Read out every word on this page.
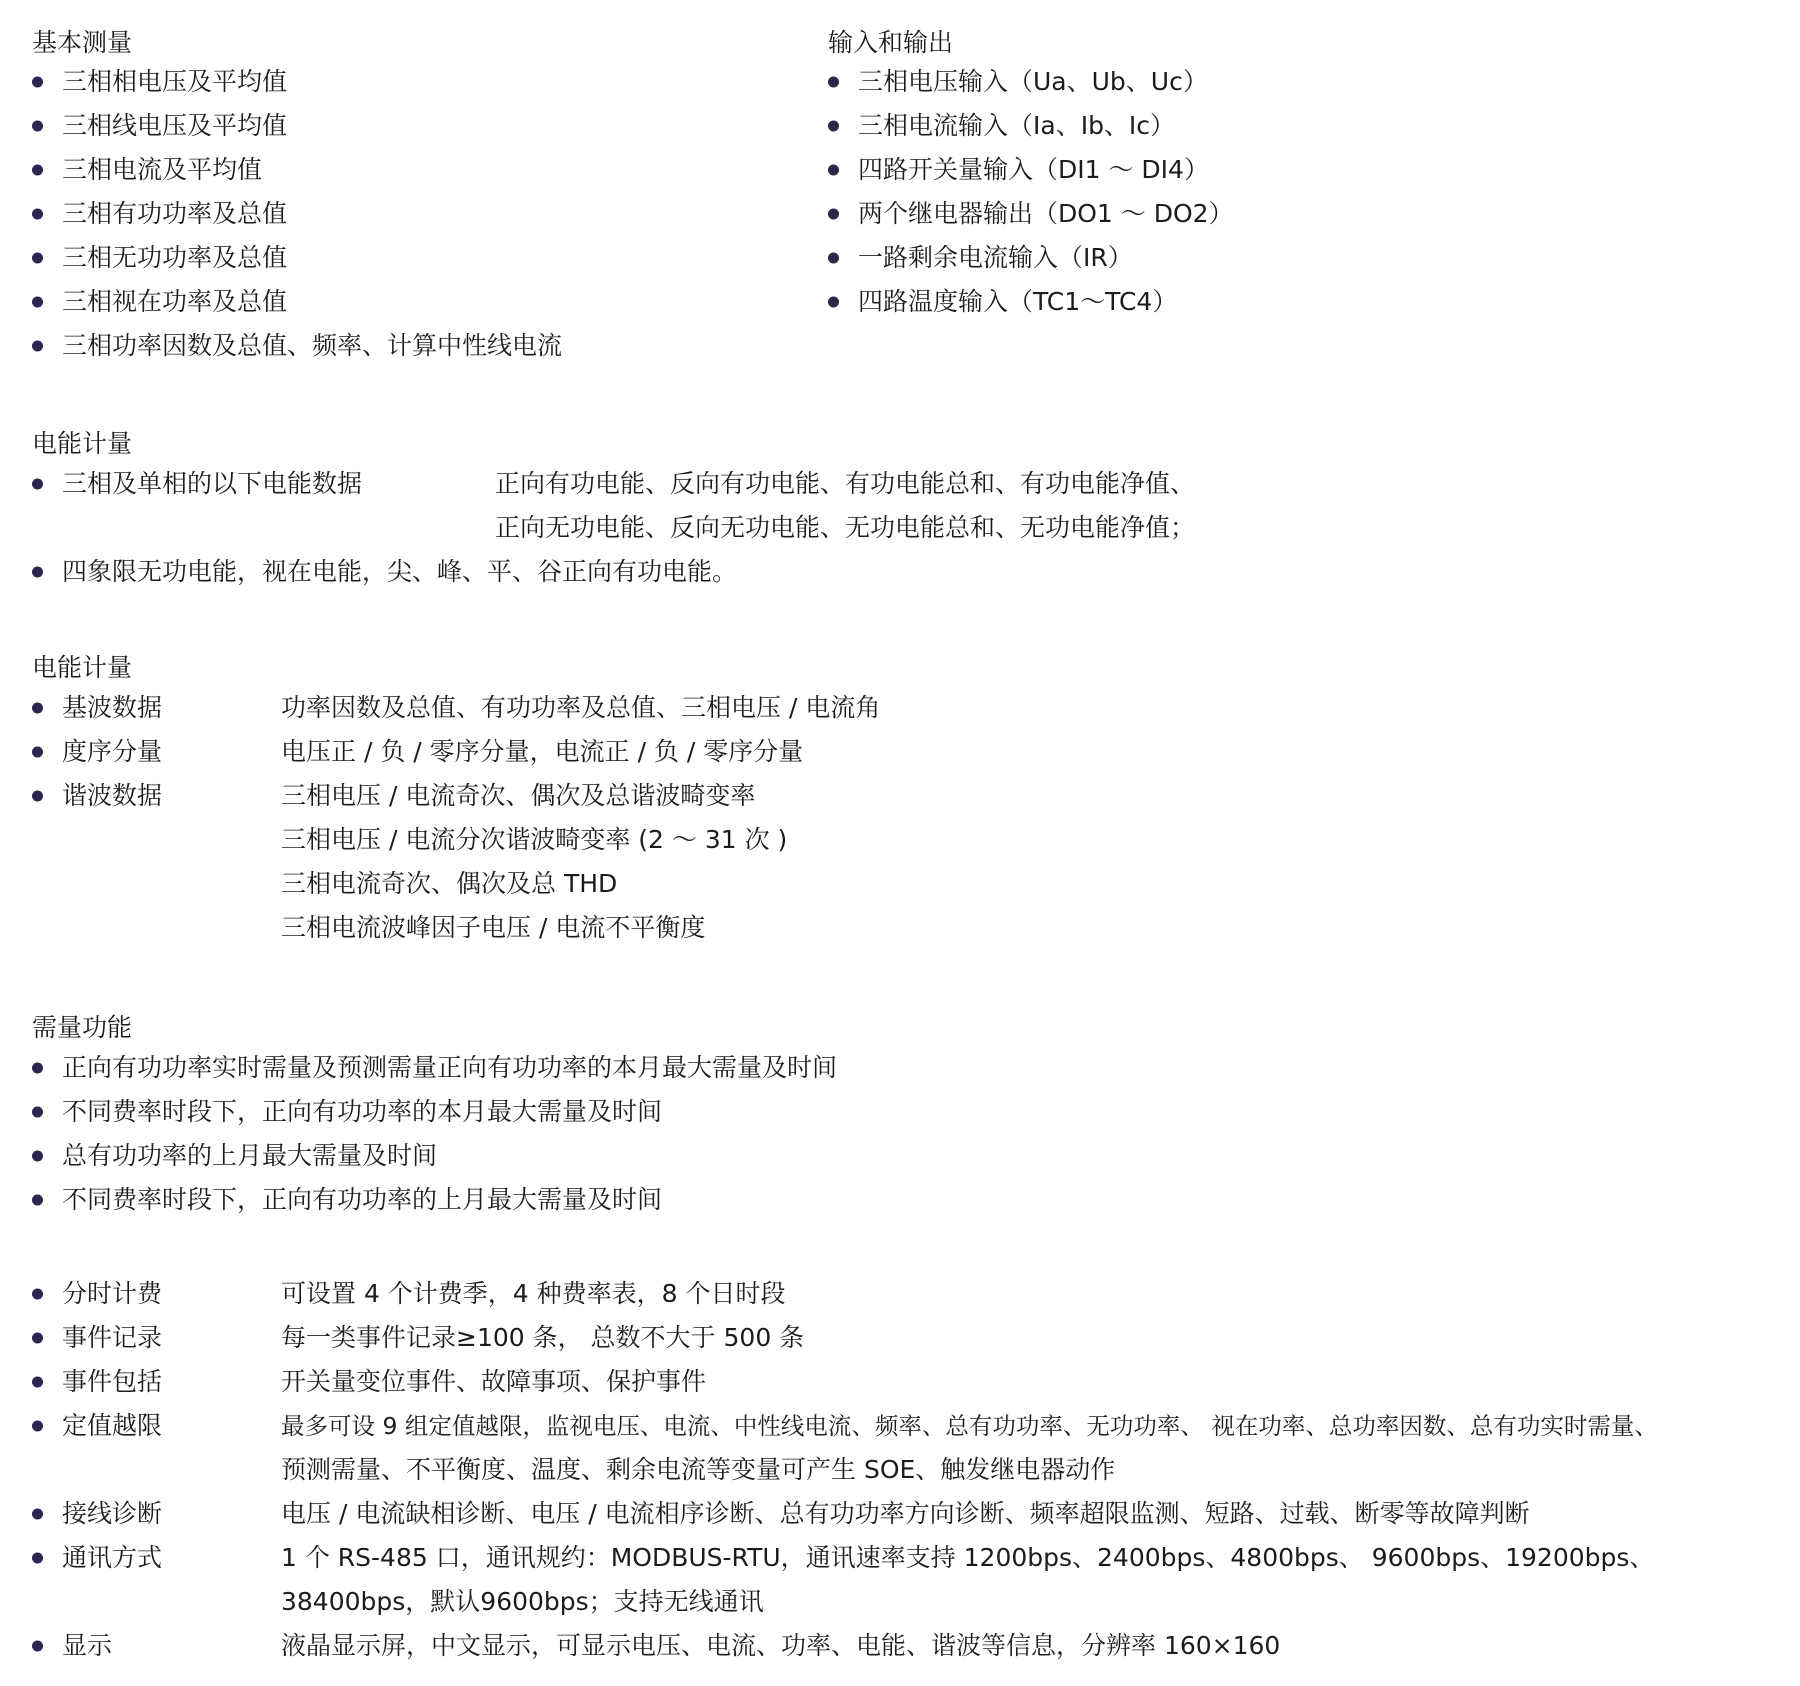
基本测量
三相相电压及平均值
三相线电压及平均值
三相电流及平均值
三相有功功率及总值
三相无功功率及总值
三相视在功率及总值
三相功率因数及总值、频率、计算中性线电流
输入和输出
三相电压输入（Ua、Ub、Uc）
三相电流输入（Ia、Ib、Ic）
四路开关量输入（DI1 ～ DI4）
两个继电器输出（DO1 ～ DO2）
一路剩余电流输入（IR）
四路温度输入（TC1～TC4）
电能计量
三相及单相的以下电能数据	正向有功电能、反向有功电能、有功电能总和、有功电能净值、
正向无功电能、反向无功电能、无功电能总和、无功电能净值；
四象限无功电能，视在电能，尖、峰、平、谷正向有功电能。
电能计量
基波数据	功率因数及总值、有功功率及总值、三相电压 / 电流角
度序分量	电压正 / 负 / 零序分量，电流正 / 负 / 零序分量
谐波数据	三相电压 / 电流奇次、偶次及总谐波畸变率
三相电压 / 电流分次谐波畸变率 (2 ～ 31 次 )
三相电流奇次、偶次及总 THD
三相电流波峰因子电压 / 电流不平衡度
需量功能
正向有功功率实时需量及预测需量正向有功功率的本月最大需量及时间
不同费率时段下，正向有功功率的本月最大需量及时间
总有功功率的上月最大需量及时间
不同费率时段下，正向有功功率的上月最大需量及时间
分时计费	可设置 4 个计费季，4 种费率表，8 个日时段
事件记录	每一类事件记录≥100 条， 总数不大于 500 条
事件包括	开关量变位事件、故障事项、保护事件
定值越限	最多可设 9 组定值越限，监视电压、电流、中性线电流、频率、总有功功率、无功功率、 视在功率、总功率因数、总有功实时需量、
预测需量、不平衡度、温度、剩余电流等变量可产生 SOE、触发继电器动作
接线诊断	电压 / 电流缺相诊断、电压 / 电流相序诊断、总有功功率方向诊断、频率超限监测、短路、过载、断零等故障判断
通讯方式	1 个 RS-485 口，通讯规约：MODBUS-RTU，通讯速率支持 1200bps、2400bps、4800bps、 9600bps、19200bps、
38400bps，默认9600bps；支持无线通讯
显示	液晶显示屏，中文显示，可显示电压、电流、功率、电能、谐波等信息，分辨率 160×160
